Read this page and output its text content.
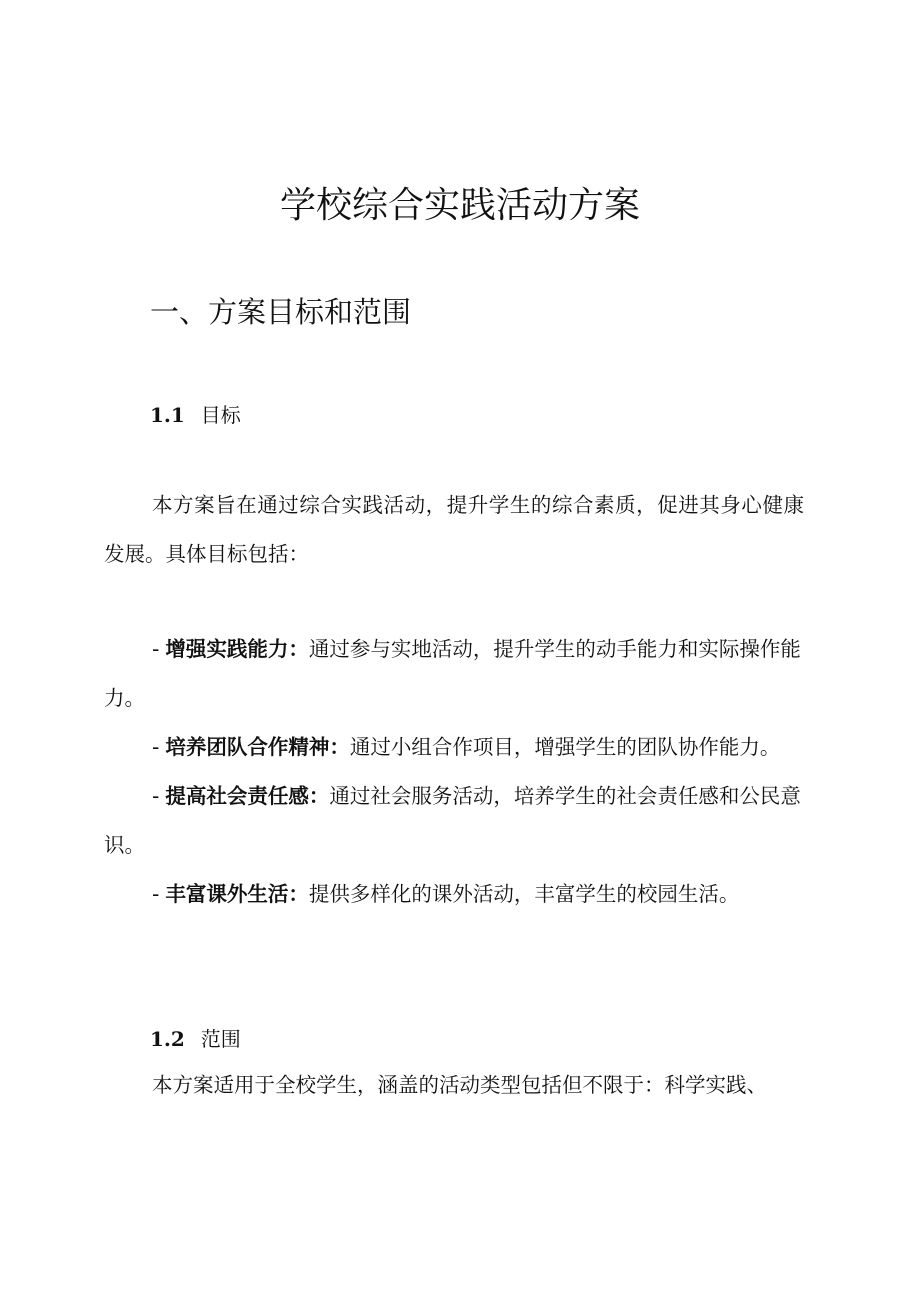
学校综合实践活动方案
一、方案目标和范围
1.1 目标

本方案旨在通过综合实践活动，提升学生的综合素质，促进其身心健康发展。具体目标包括：

- 增强实践能力：通过参与实地活动，提升学生的动手能力和实际操作能力。
- 培养团队合作精神：通过小组合作项目，增强学生的团队协作能力。
- 提高社会责任感：通过社会服务活动，培养学生的社会责任感和公民意识。
- 丰富课外生活：提供多样化的课外活动，丰富学生的校园生活。
1.2 范围

本方案适用于全校学生，涵盖的活动类型包括但不限于：科学实践、
